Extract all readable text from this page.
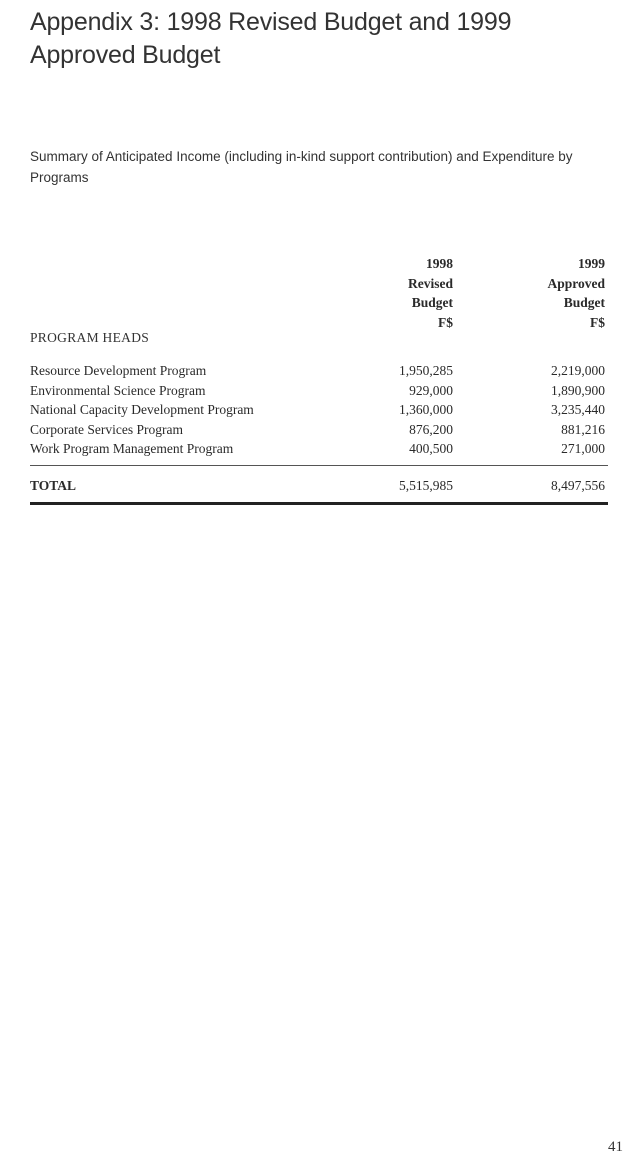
Appendix 3: 1998 Revised Budget and 1999 Approved Budget
Summary of Anticipated Income (including in-kind support contribution) and Expenditure by Programs
1998
Revised
Budget
F$
1999
Approved
Budget
F$
PROGRAM HEADS
Resource Development Program	1,950,285	2,219,000
Environmental Science Program	929,000	1,890,900
National Capacity Development Program	1,360,000	3,235,440
Corporate Services Program	876,200	881,216
Work Program Management Program	400,500	271,000
TOTAL	5,515,985	8,497,556
41
